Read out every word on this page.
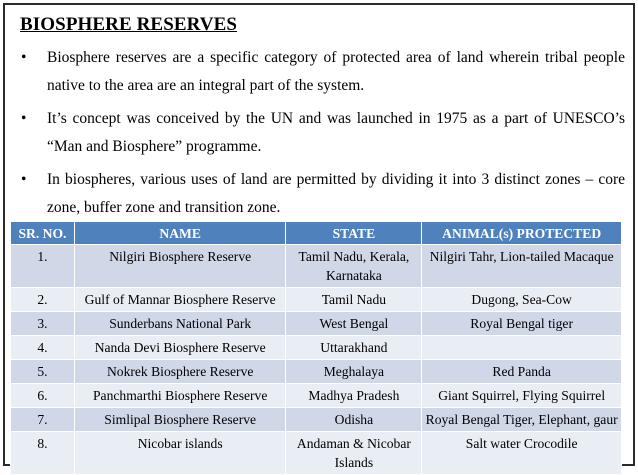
BIOSPHERE RESERVES
• Biosphere reserves are a specific category of protected area of land wherein tribal people native to the area are an integral part of the system.
• It’s concept was conceived by the UN and was launched in 1975 as a part of UNESCO’s “Man and Biosphere” programme.
• In biospheres, various uses of land are permitted by dividing it into 3 distinct zones – core zone, buffer zone and transition zone.
SR. NO.	NAME	STATE	ANIMAL(s) PROTECTED
1.	Nilgiri Biosphere Reserve	Tamil Nadu, Kerala, Karnataka	Nilgiri Tahr, Lion-tailed Macaque
2.	Gulf of Mannar Biosphere Reserve	Tamil Nadu	Dugong, Sea-Cow
3.	Sunderbans National Park	West Bengal	Royal Bengal tiger
4.	Nanda Devi Biosphere Reserve	Uttarakhand	
5.	Nokrek Biosphere Reserve	Meghalaya	Red Panda
6.	Panchmarthi Biosphere Reserve	Madhya Pradesh	Giant Squirrel, Flying Squirrel
7.	Simlipal Biosphere Reserve	Odisha	Royal Bengal Tiger, Elephant, gaur
8.	Nicobar islands	Andaman & Nicobar Islands	Salt water Crocodile
